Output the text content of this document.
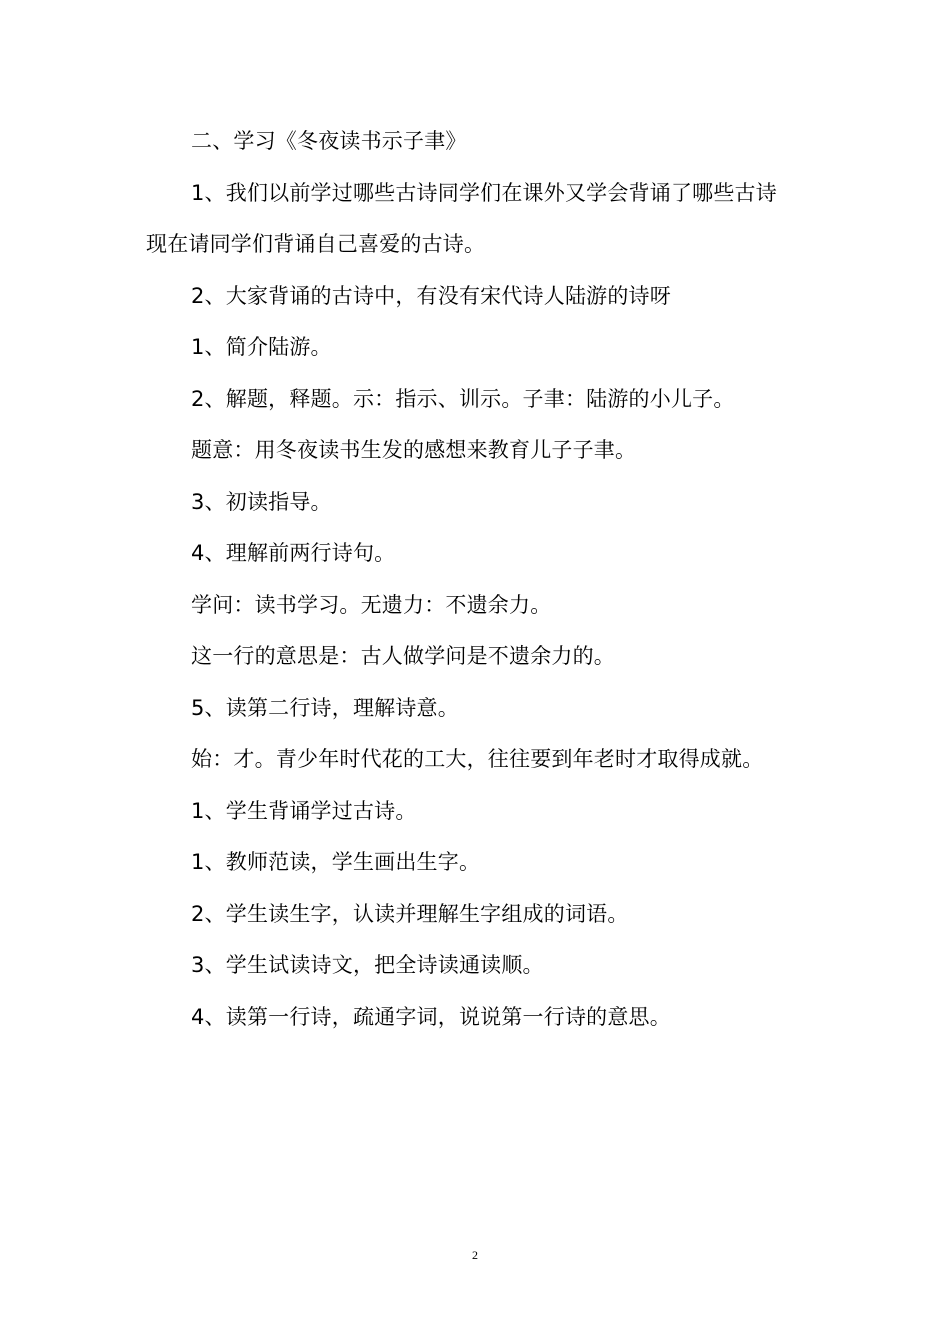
二、学习《冬夜读书示子聿》
1、我们以前学过哪些古诗同学们在课外又学会背诵了哪些古诗
现在请同学们背诵自己喜爱的古诗。
2、大家背诵的古诗中，有没有宋代诗人陆游的诗呀
1、简介陆游。
2、解题，释题。示：指示、训示。子聿：陆游的小儿子。
题意：用冬夜读书生发的感想来教育儿子子聿。
3、初读指导。
4、理解前两行诗句。
学问：读书学习。无遗力：不遗余力。
这一行的意思是：古人做学问是不遗余力的。
5、读第二行诗，理解诗意。
始：才。青少年时代花的工大，往往要到年老时才取得成就。
1、学生背诵学过古诗。
1、教师范读，学生画出生字。
2、学生读生字，认读并理解生字组成的词语。
3、学生试读诗文，把全诗读通读顺。
4、读第一行诗，疏通字词，说说第一行诗的意思。
2
